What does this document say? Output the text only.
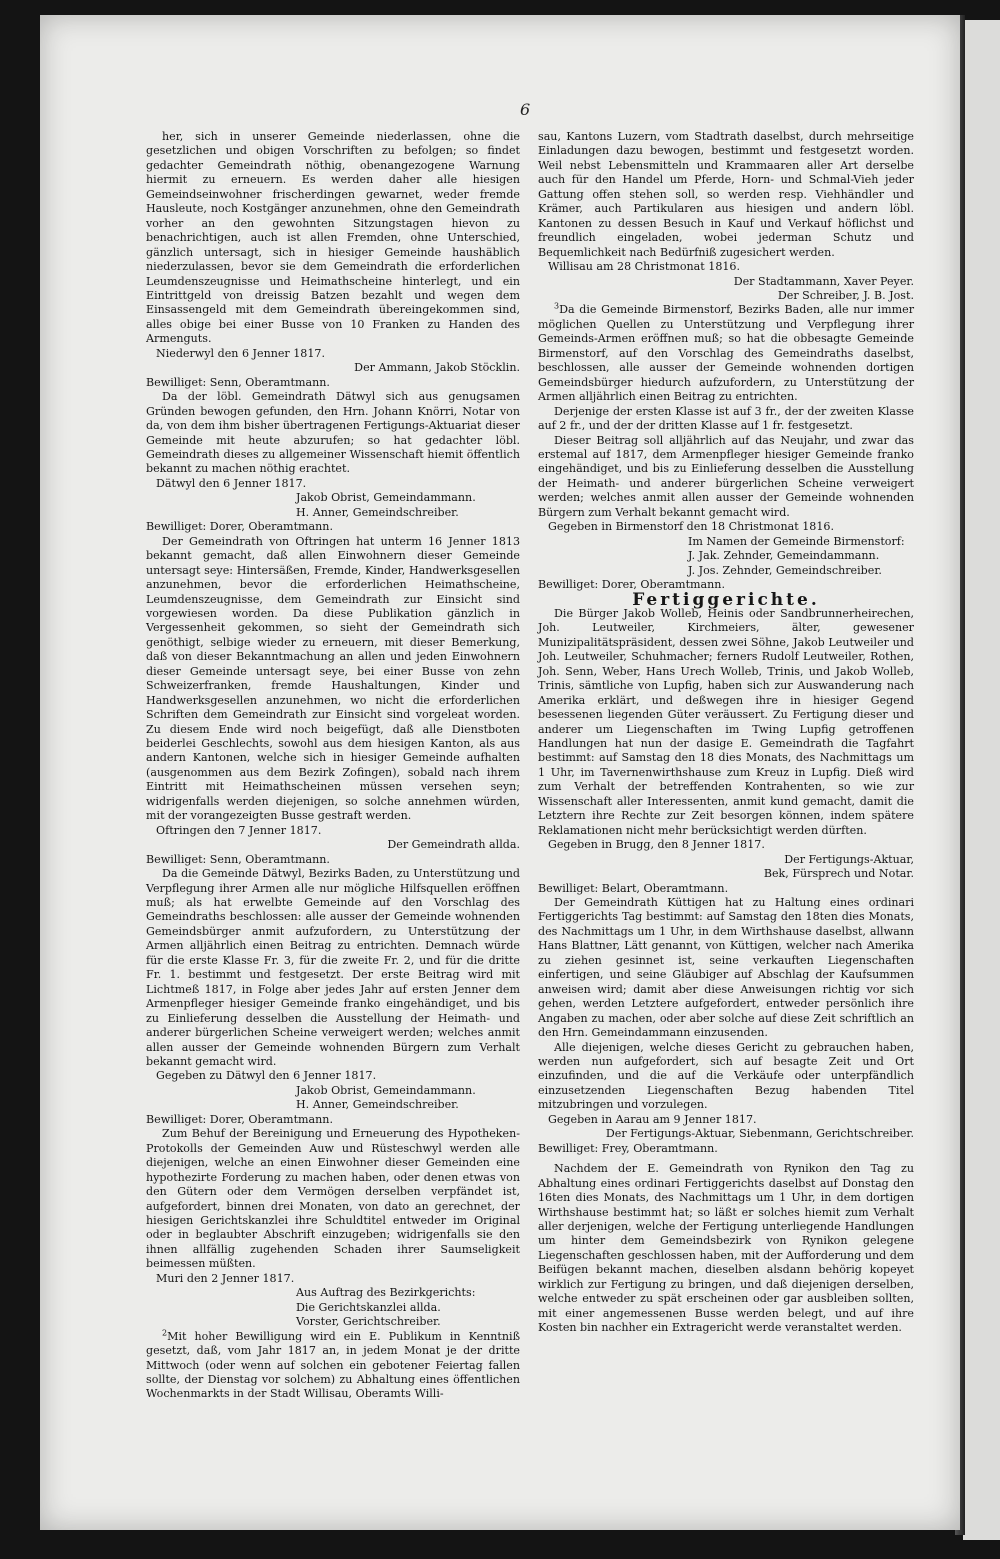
6

her, sich in unserer Gemeinde niederlassen, ohne die gesetzlichen und obigen Vorschriften zu befolgen; so findet gedachter Gemeindrath nöthig, obenangezogene Warnung hiermit zu erneuern. Es werden daher alle hiesigen Gemeindseinwohner frischerdingen gewarnet, weder fremde Hausleute, noch Kostgänger anzunehmen, ohne den Gemeindrath vorher an den gewohnten Sitzungstagen hievon zu benachrichtigen, auch ist allen Fremden, ohne Unterschied, gänzlich untersagt, sich in hiesiger Gemeinde haushäblich niederzulassen, bevor sie dem Gemeindrath die erforderlichen Leumdenszeugnisse und Heimathscheine hinterlegt, und ein Eintrittgeld von dreissig Batzen bezahlt und wegen dem Einsassengeld mit dem Gemeindrath übereingekommen sind, alles obige bei einer Busse von 10 Franken zu Handen des Armenguts.

Niederwyl den 6 Jenner 1817.

Der Ammann, Jakob Stöcklin.

Bewilliget: Senn, Oberamtmann.

Da der löbl. Gemeindrath Dätwyl sich aus genugsamen Gründen bewogen gefunden, den Hrn. Johann Knörri, Notar von da, von dem ihm bisher übertragenen Fertigungs-Aktuariat dieser Gemeinde mit heute abzurufen; so hat gedachter löbl. Gemeindrath dieses zu allgemeiner Wissenschaft hiemit öffentlich bekannt zu machen nöthig erachtet.

Dätwyl den 6 Jenner 1817.

Jakob Obrist, Gemeindammann.

H. Anner, Gemeindschreiber.

Bewilliget: Dorer, Oberamtmann.

Der Gemeindrath von Oftringen hat unterm 16 Jenner 1813 bekannt gemacht, daß allen Einwohnern dieser Gemeinde untersagt seye: Hintersäßen, Fremde, Kinder, Handwerksgesellen anzunehmen, bevor die erforderlichen Heimathscheine, Leumdenszeugnisse, dem Gemeindrath zur Einsicht sind vorgewiesen worden. Da diese Publikation gänzlich in Vergessenheit gekommen, so sieht der Gemeindrath sich genöthigt, selbige wieder zu erneuern, mit dieser Bemerkung, daß von dieser Bekanntmachung an allen und jeden Einwohnern dieser Gemeinde untersagt seye, bei einer Busse von zehn Schweizerfranken, fremde Haushaltungen, Kinder und Handwerksgesellen anzunehmen, wo nicht die erforderlichen Schriften dem Gemeindrath zur Einsicht sind vorgeleat worden. Zu diesem Ende wird noch beigefügt, daß alle Dienstboten beiderlei Geschlechts, sowohl aus dem hiesigen Kanton, als aus andern Kantonen, welche sich in hiesiger Gemeinde aufhalten (ausgenommen aus dem Bezirk Zofingen), sobald nach ihrem Eintritt mit Heimathscheinen müssen versehen seyn; widrigenfalls werden diejenigen, so solche annehmen würden, mit der vorangezeigten Busse gestraft werden.

Oftringen den 7 Jenner 1817.

Der Gemeindrath allda.

Bewilliget: Senn, Oberamtmann.

Da die Gemeinde Dätwyl, Bezirks Baden, zu Unterstützung und Verpflegung ihrer Armen alle nur mögliche Hilfsquellen eröffnen muß; als hat erwelbte Gemeinde auf den Vorschlag des Gemeindraths beschlossen: alle ausser der Gemeinde wohnenden Gemeindsbürger anmit aufzufordern, zu Unterstützung der Armen alljährlich einen Beitrag zu entrichten. Demnach würde für die erste Klasse Fr. 3, für die zweite Fr. 2, und für die dritte Fr. 1. bestimmt und festgesetzt. Der erste Beitrag wird mit Lichtmeß 1817, in Folge aber jedes Jahr auf ersten Jenner dem Armenpfleger hiesiger Gemeinde franko eingehändiget, und bis zu Einlieferung desselben die Ausstellung der Heimath- und anderer bürgerlichen Scheine verweigert werden; welches anmit allen ausser der Gemeinde wohnenden Bürgern zum Verhalt bekannt gemacht wird.

Gegeben zu Dätwyl den 6 Jenner 1817.

Jakob Obrist, Gemeindammann.

H. Anner, Gemeindschreiber.

Bewilliget: Dorer, Oberamtmann.

Zum Behuf der Bereinigung und Erneuerung des Hypotheken-Protokolls der Gemeinden Auw und Rüsteschwyl werden alle diejenigen, welche an einen Einwohner dieser Gemeinden eine hypothezirte Forderung zu machen haben, oder denen etwas von den Gütern oder dem Vermögen derselben verpfändet ist, aufgefordert, binnen drei Monaten, von dato an gerechnet, der hiesigen Gerichtskanzlei ihre Schuldtitel entweder im Original oder in beglaubter Abschrift einzugeben; widrigenfalls sie den ihnen allfällig zugehenden Schaden ihrer Saumseligkeit beimessen müßten.

Muri den 2 Jenner 1817.

Aus Auftrag des Bezirkgerichts:

Die Gerichtskanzlei allda.

Vorster, Gerichtschreiber.

$^2$Mit hoher Bewilligung wird ein E. Publikum in Kenntniß gesetzt, daß, vom Jahr 1817 an, in jedem Monat je der dritte Mittwoch (oder wenn auf solchen ein gebotener Feiertag fallen sollte, der Dienstag vor solchem) zu Abhaltung eines öffentlichen Wochenmarkts in der Stadt Willisau, Oberamts Willi-

sau, Kantons Luzern, vom Stadtrath daselbst, durch mehrseitige Einladungen dazu bewogen, bestimmt und festgesetzt worden. Weil nebst Lebensmitteln und Krammaaren aller Art derselbe auch für den Handel um Pferde, Horn- und Schmal-Vieh jeder Gattung offen stehen soll, so werden resp. Viehhändler und Krämer, auch Partikularen aus hiesigen und andern löbl. Kantonen zu dessen Besuch in Kauf und Verkauf höflichst und freundlich eingeladen, wobei jederman Schutz und Bequemlichkeit nach Bedürfniß zugesichert werden.

Willisau am 28 Christmonat 1816.

Der Stadtammann, Xaver Peyer.

Der Schreiber, J. B. Jost.

$^3$Da die Gemeinde Birmenstorf, Bezirks Baden, alle nur immer möglichen Quellen zu Unterstützung und Verpflegung ihrer Gemeinds-Armen eröffnen muß; so hat die obbesagte Gemeinde Birmenstorf, auf den Vorschlag des Gemeindraths daselbst, beschlossen, alle ausser der Gemeinde wohnenden dortigen Gemeindsbürger hiedurch aufzufordern, zu Unterstützung der Armen alljährlich einen Beitrag zu entrichten.

Derjenige der ersten Klasse ist auf 3 fr., der der zweiten Klasse auf 2 fr., und der der dritten Klasse auf 1 fr. festgesetzt.

Dieser Beitrag soll alljährlich auf das Neujahr, und zwar das erstemal auf 1817, dem Armenpfleger hiesiger Gemeinde franko eingehändiget, und bis zu Einlieferung desselben die Ausstellung der Heimath- und anderer bürgerlichen Scheine verweigert werden; welches anmit allen ausser der Gemeinde wohnenden Bürgern zum Verhalt bekannt gemacht wird.

Gegeben in Birmenstorf den 18 Christmonat 1816.

Im Namen der Gemeinde Birmenstorf:

J. Jak. Zehnder, Gemeindammann.

J. Jos. Zehnder, Gemeindschreiber.

Bewilliget: Dorer, Oberamtmann.

Fertiggerichte.

Die Bürger Jakob Wolleb, Heinis oder Sandbrunnerheirechen, Joh. Leutweiler, Kirchmeiers, älter, gewesener Munizipalitätspräsident, dessen zwei Söhne, Jakob Leutweiler und Joh. Leutweiler, Schuhmacher; ferners Rudolf Leutweiler, Rothen, Joh. Senn, Weber, Hans Urech Wolleb, Trinis, und Jakob Wolleb, Trinis, sämtliche von Lupfig, haben sich zur Auswanderung nach Amerika erklärt, und deßwegen ihre in hiesiger Gegend besessenen liegenden Güter veräussert. Zu Fertigung dieser und anderer um Liegenschaften im Twing Lupfig getroffenen Handlungen hat nun der dasige E. Gemeindrath die Tagfahrt bestimmt: auf Samstag den 18 dies Monats, des Nachmittags um 1 Uhr, im Tavernenwirthshause zum Kreuz in Lupfig. Dieß wird zum Verhalt der betreffenden Kontrahenten, so wie zur Wissenschaft aller Interessenten, anmit kund gemacht, damit die Letztern ihre Rechte zur Zeit besorgen können, indem spätere Reklamationen nicht mehr berücksichtigt werden dürften.

Gegeben in Brugg, den 8 Jenner 1817.

Der Fertigungs-Aktuar,

Bek, Fürsprech und Notar.

Bewilliget: Belart, Oberamtmann.

Der Gemeindrath Küttigen hat zu Haltung eines ordinari Fertiggerichts Tag bestimmt: auf Samstag den 18ten dies Monats, des Nachmittags um 1 Uhr, in dem Wirthshause daselbst, allwann Hans Blattner, Lätt genannt, von Küttigen, welcher nach Amerika zu ziehen gesinnet ist, seine verkauften Liegenschaften einfertigen, und seine Gläubiger auf Abschlag der Kaufsummen anweisen wird; damit aber diese Anweisungen richtig vor sich gehen, werden Letztere aufgefordert, entweder persönlich ihre Angaben zu machen, oder aber solche auf diese Zeit schriftlich an den Hrn. Gemeindammann einzusenden.

Alle diejenigen, welche dieses Gericht zu gebrauchen haben, werden nun aufgefordert, sich auf besagte Zeit und Ort einzufinden, und die auf die Verkäufe oder unterpfändlich einzusetzenden Liegenschaften Bezug habenden Titel mitzubringen und vorzulegen.

Gegeben in Aarau am 9 Jenner 1817.

Der Fertigungs-Aktuar, Siebenmann, Gerichtschreiber.

Bewilliget: Frey, Oberamtmann.

Nachdem der E. Gemeindrath von Rynikon den Tag zu Abhaltung eines ordinari Fertiggerichts daselbst auf Donstag den 16ten dies Monats, des Nachmittags um 1 Uhr, in dem dortigen Wirthshause bestimmt hat; so läßt er solches hiemit zum Verhalt aller derjenigen, welche der Fertigung unterliegende Handlungen um hinter dem Gemeindsbezirk von Rynikon gelegene Liegenschaften geschlossen haben, mit der Aufforderung und dem Beifügen bekannt machen, dieselben alsdann behörig kopeyet wirklich zur Fertigung zu bringen, und daß diejenigen derselben, welche entweder zu spät erscheinen oder gar ausbleiben sollten, mit einer angemessenen Busse werden belegt, und auf ihre Kosten bin nachher ein Extragericht werde veranstaltet werden.
